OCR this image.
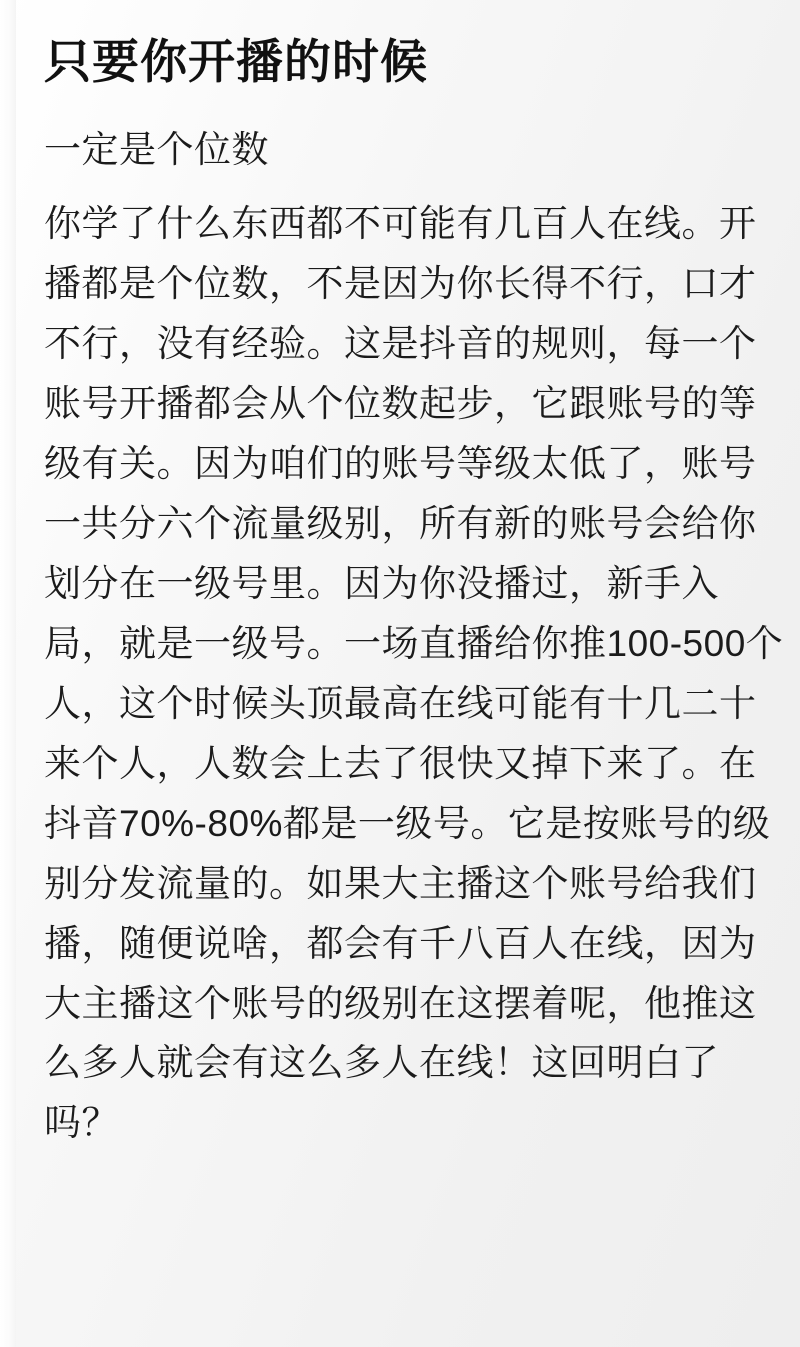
只要你开播的时候

一定是个位数

你学了什么东西都不可能有几百人在线。开播都是个位数，不是因为你长得不行，口才不行，没有经验。这是抖音的规则，每一个账号开播都会从个位数起步，它跟账号的等级有关。因为咱们的账号等级太低了，账号一共分六个流量级别，所有新的账号会给你划分在一级号里。因为你没播过，新手入局，就是一级号。一场直播给你推100-500个人，这个时候头顶最高在线可能有十几二十来个人，人数会上去了很快又掉下来了。在抖音70%-80%都是一级号。它是按账号的级别分发流量的。如果大主播这个账号给我们播，随便说啥，都会有千八百人在线，因为大主播这个账号的级别在这摆着呢，他推这么多人就会有这么多人在线！这回明白了吗？
